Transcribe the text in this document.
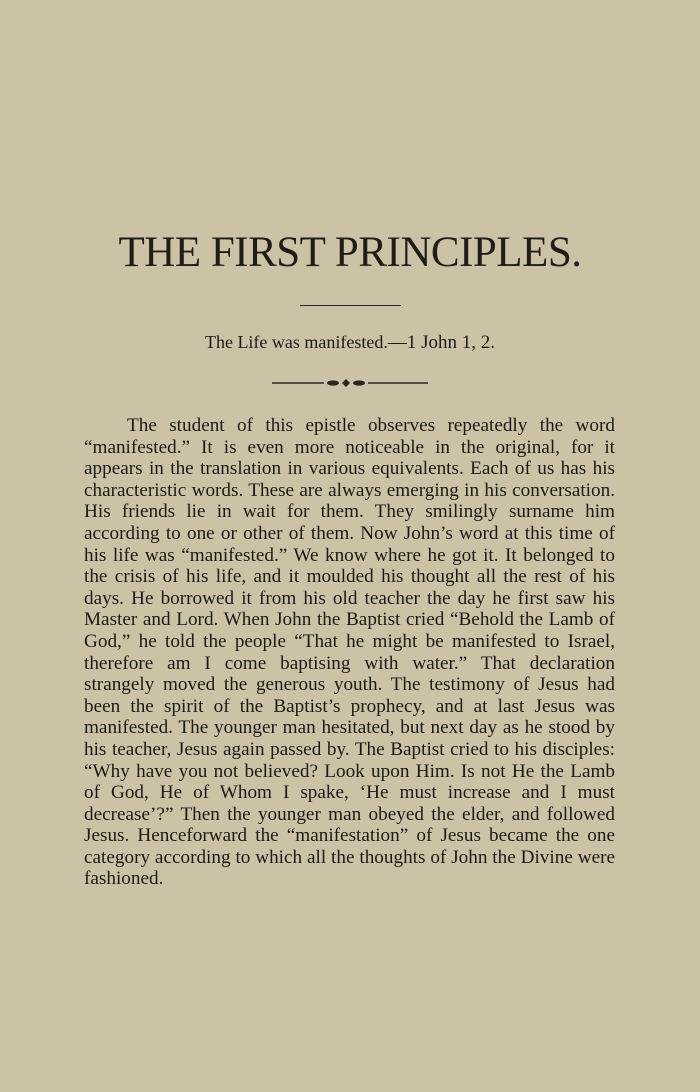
THE FIRST PRINCIPLES.
The Life was manifested.—1 John 1, 2.

The student of this epistle observes repeatedly the word “manifested.” It is even more noticeable in the original, for it appears in the translation in various equivalents. Each of us has his characteristic words. These are always emerging in his conversation. His friends lie in wait for them. They smilingly surname him according to one or other of them. Now John’s word at this time of his life was “manifested.” We know where he got it. It belonged to the crisis of his life, and it moulded his thought all the rest of his days. He borrowed it from his old teacher the day he first saw his Master and Lord. When John the Baptist cried “Behold the Lamb of God,” he told the people “That he might be manifested to Israel, therefore am I come baptising with water.” That declaration strangely moved the generous youth. The testimony of Jesus had been the spirit of the Baptist’s prophecy, and at last Jesus was manifested. The younger man hesitated, but next day as he stood by his teacher, Jesus again passed by. The Baptist cried to his disciples: “Why have you not believed? Look upon Him. Is not He the Lamb of God, He of Whom I spake, ‘He must increase and I must decrease’?” Then the younger man obeyed the elder, and followed Jesus. Henceforward the “manifestation” of Jesus became the one category according to which all the thoughts of John the Divine were fashioned.
